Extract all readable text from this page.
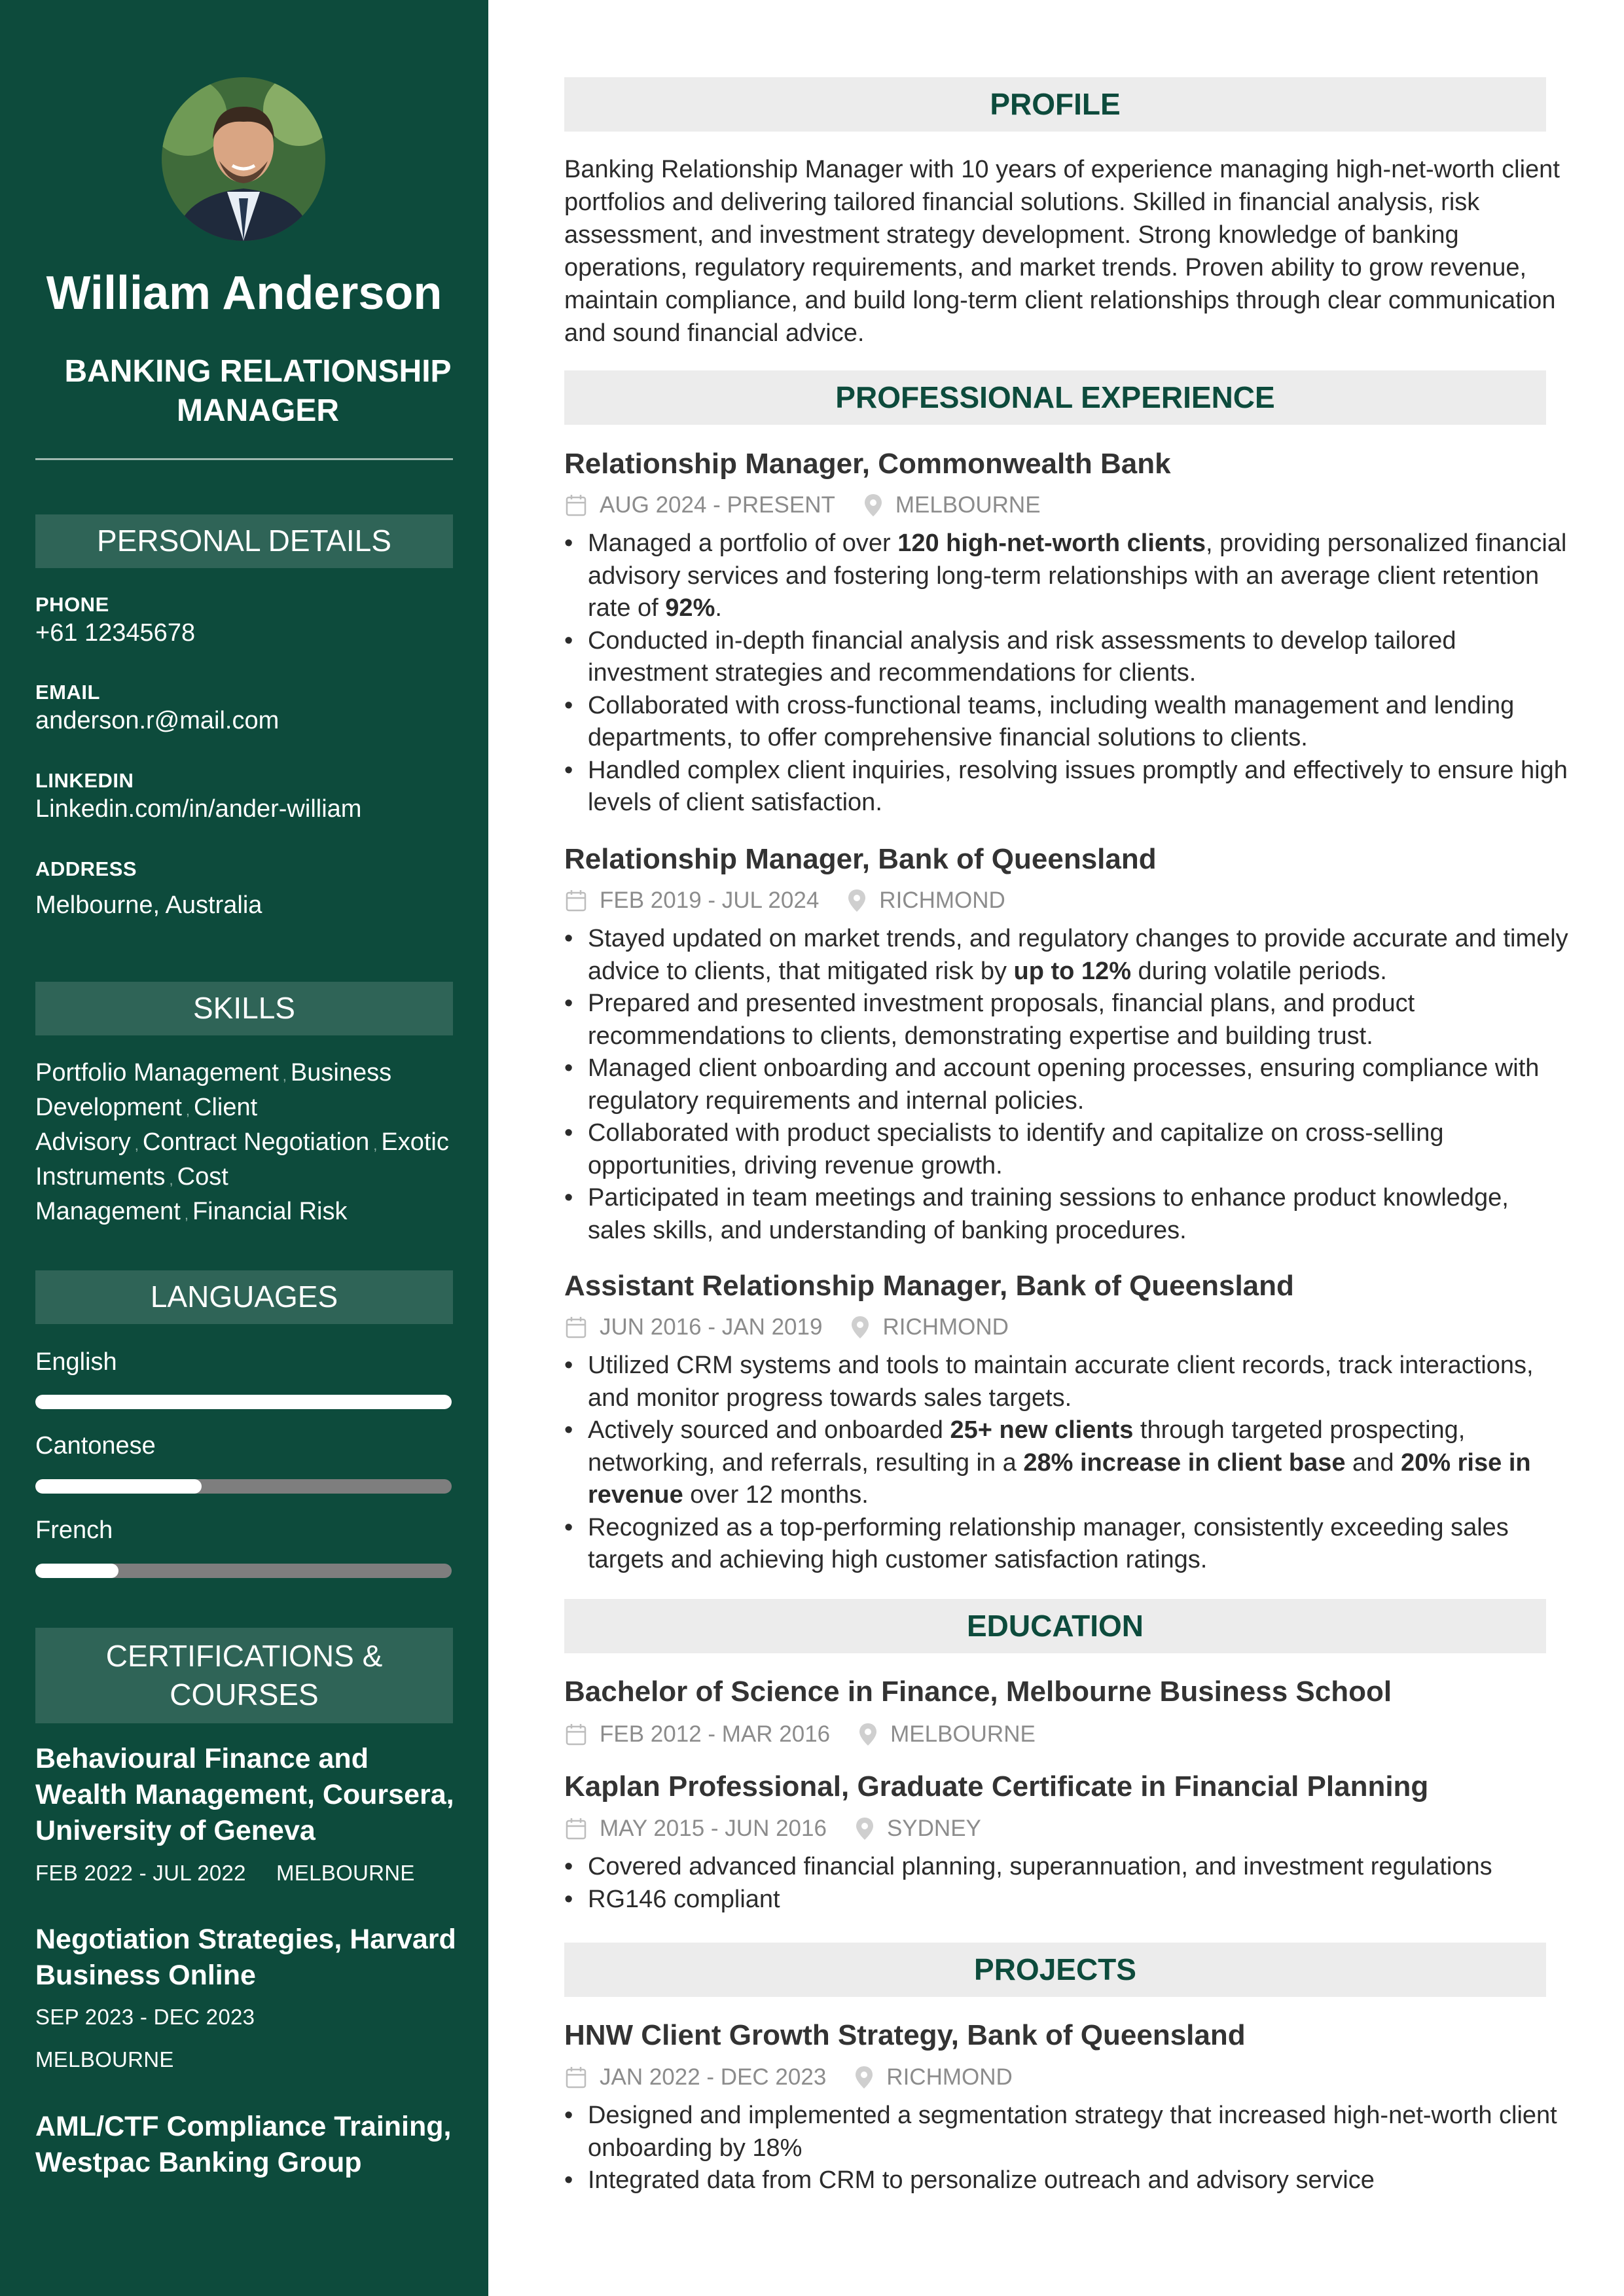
William Anderson
BANKING RELATIONSHIP MANAGER
PERSONAL DETAILS
PHONE
+61 12345678
EMAIL
anderson.r@mail.com
LINKEDIN
Linkedin.com/in/ander-william
ADDRESS
Melbourne, Australia
SKILLS
Portfolio Management , Business Development , Client Advisory , Contract Negotiation , Exotic Instruments , Cost Management , Financial Risk
LANGUAGES
English
Cantonese
French
CERTIFICATIONS & COURSES
Behavioural Finance and Wealth Management, Coursera, University of Geneva
FEB 2022 - JUL 2022 MELBOURNE
Negotiation Strategies, Harvard Business Online
SEP 2023 - DEC 2023
MELBOURNE
AML/CTF Compliance Training, Westpac Banking Group
PROFILE
Banking Relationship Manager with 10 years of experience managing high-net-worth client portfolios and delivering tailored financial solutions. Skilled in financial analysis, risk assessment, and investment strategy development. Strong knowledge of banking operations, regulatory requirements, and market trends. Proven ability to grow revenue, maintain compliance, and build long-term client relationships through clear communication and sound financial advice.
PROFESSIONAL EXPERIENCE
Relationship Manager, Commonwealth Bank
AUG 2024 - PRESENT	MELBOURNE
• Managed a portfolio of over 120 high-net-worth clients, providing personalized financial advisory services and fostering long-term relationships with an average client retention rate of 92%.
• Conducted in-depth financial analysis and risk assessments to develop tailored investment strategies and recommendations for clients.
• Collaborated with cross-functional teams, including wealth management and lending departments, to offer comprehensive financial solutions to clients.
• Handled complex client inquiries, resolving issues promptly and effectively to ensure high levels of client satisfaction.
Relationship Manager, Bank of Queensland
FEB 2019 - JUL 2024	RICHMOND
• Stayed updated on market trends, and regulatory changes to provide accurate and timely advice to clients, that mitigated risk by up to 12% during volatile periods.
• Prepared and presented investment proposals, financial plans, and product recommendations to clients, demonstrating expertise and building trust.
• Managed client onboarding and account opening processes, ensuring compliance with regulatory requirements and internal policies.
• Collaborated with product specialists to identify and capitalize on cross-selling opportunities, driving revenue growth.
• Participated in team meetings and training sessions to enhance product knowledge, sales skills, and understanding of banking procedures.
Assistant Relationship Manager, Bank of Queensland
JUN 2016 - JAN 2019	RICHMOND
• Utilized CRM systems and tools to maintain accurate client records, track interactions, and monitor progress towards sales targets.
• Actively sourced and onboarded 25+ new clients through targeted prospecting, networking, and referrals, resulting in a 28% increase in client base and 20% rise in revenue over 12 months.
• Recognized as a top-performing relationship manager, consistently exceeding sales targets and achieving high customer satisfaction ratings.
EDUCATION
Bachelor of Science in Finance, Melbourne Business School
FEB 2012 - MAR 2016	MELBOURNE
Kaplan Professional, Graduate Certificate in Financial Planning
MAY 2015 - JUN 2016	SYDNEY
• Covered advanced financial planning, superannuation, and investment regulations
• RG146 compliant
PROJECTS
HNW Client Growth Strategy, Bank of Queensland
JAN 2022 - DEC 2023	RICHMOND
• Designed and implemented a segmentation strategy that increased high-net-worth client onboarding by 18%
• Integrated data from CRM to personalize outreach and advisory service
